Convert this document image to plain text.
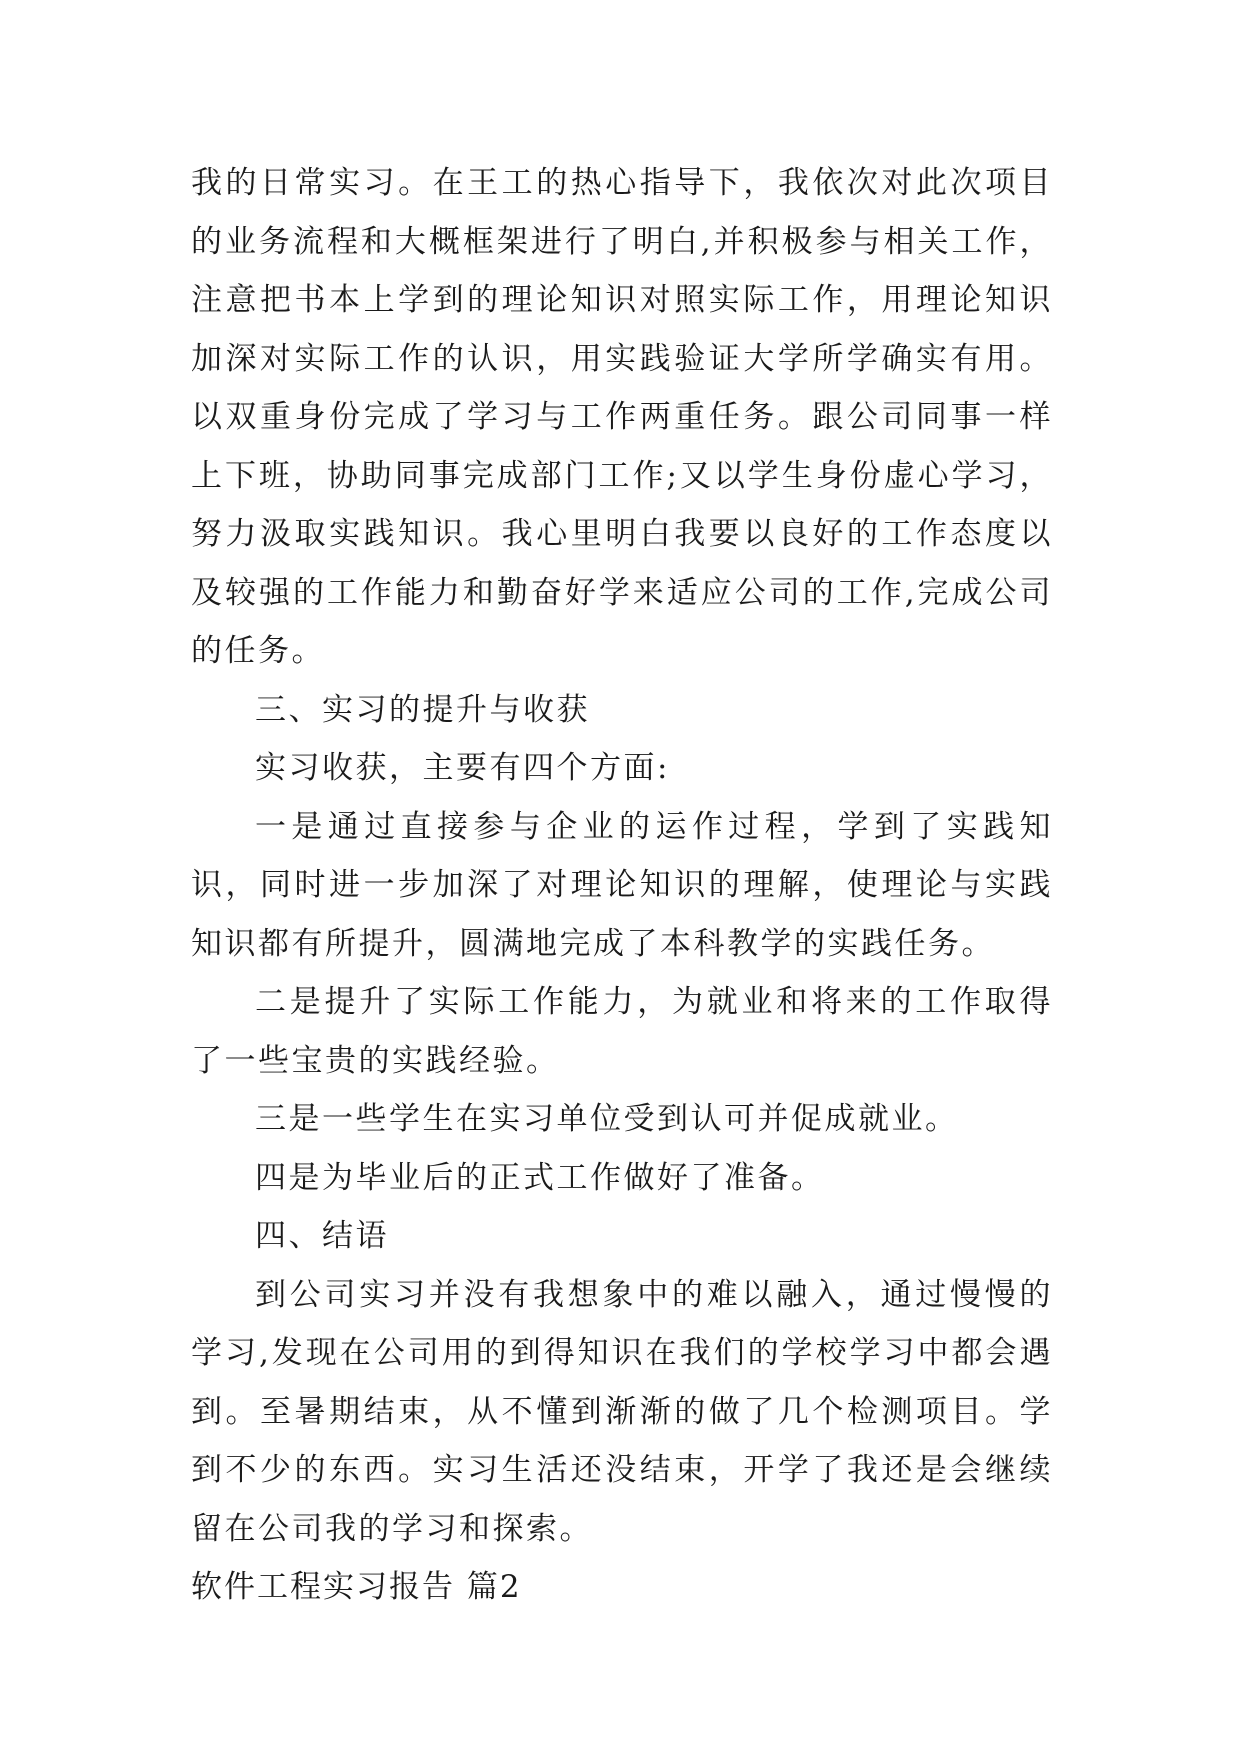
我的日常实习。在王工的热心指导下，我依次对此次项目的业务流程和大概框架进行了明白,并积极参与相关工作，注意把书本上学到的理论知识对照实际工作，用理论知识加深对实际工作的认识，用实践验证大学所学确实有用。以双重身份完成了学习与工作两重任务。跟公司同事一样上下班，协助同事完成部门工作;又以学生身份虚心学习，努力汲取实践知识。我心里明白我要以良好的工作态度以及较强的工作能力和勤奋好学来适应公司的工作,完成公司的任务。

三、实习的提升与收获

实习收获，主要有四个方面:

一是通过直接参与企业的运作过程，学到了实践知识，同时进一步加深了对理论知识的理解，使理论与实践知识都有所提升，圆满地完成了本科教学的实践任务。

二是提升了实际工作能力，为就业和将来的工作取得了一些宝贵的实践经验。

三是一些学生在实习单位受到认可并促成就业。

四是为毕业后的正式工作做好了准备。

四、结语

到公司实习并没有我想象中的难以融入，通过慢慢的学习,发现在公司用的到得知识在我们的学校学习中都会遇到。至暑期结束，从不懂到渐渐的做了几个检测项目。学到不少的东西。实习生活还没结束，开学了我还是会继续留在公司我的学习和探索。

软件工程实习报告 篇2
